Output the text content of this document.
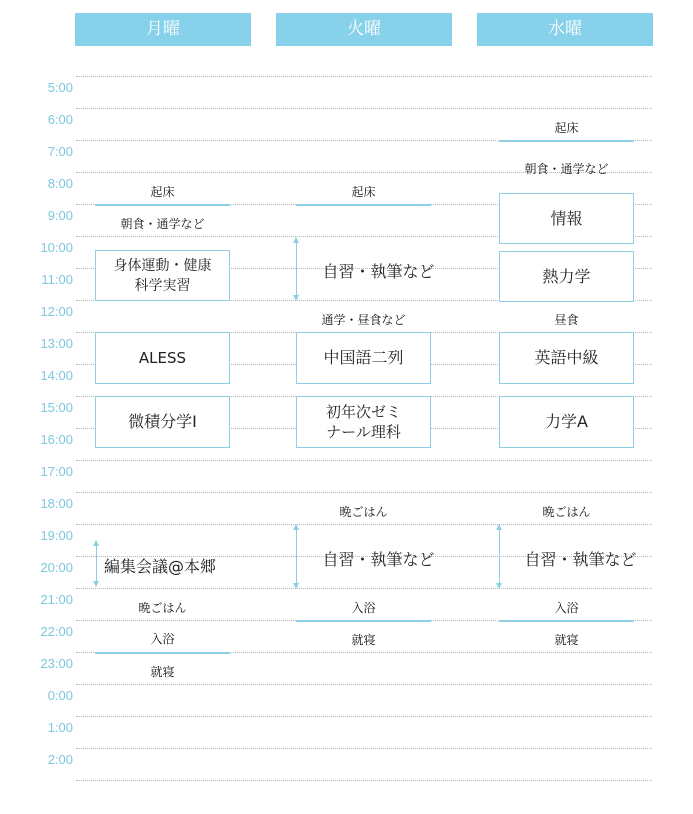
月曜	火曜	水曜
5:00
6:00
7:00
8:00
9:00
10:00
11:00
12:00
13:00
14:00
15:00
16:00
17:00
18:00
19:00
20:00
21:00
22:00
23:00
0:00
1:00
2:00
起床
朝食・通学など
身体運動・健康
科学実習
ALESS
微積分学Ⅰ
編集会議@本郷
晩ごはん
入浴
就寝
起床
自習・執筆など
通学・昼食など
中国語二列
初年次ゼミ
ナール理科
晩ごはん
自習・執筆など
入浴
就寝
起床
朝食・通学など
情報
熱力学
昼食
英語中級
力学A
晩ごはん
自習・執筆など
入浴
就寝
